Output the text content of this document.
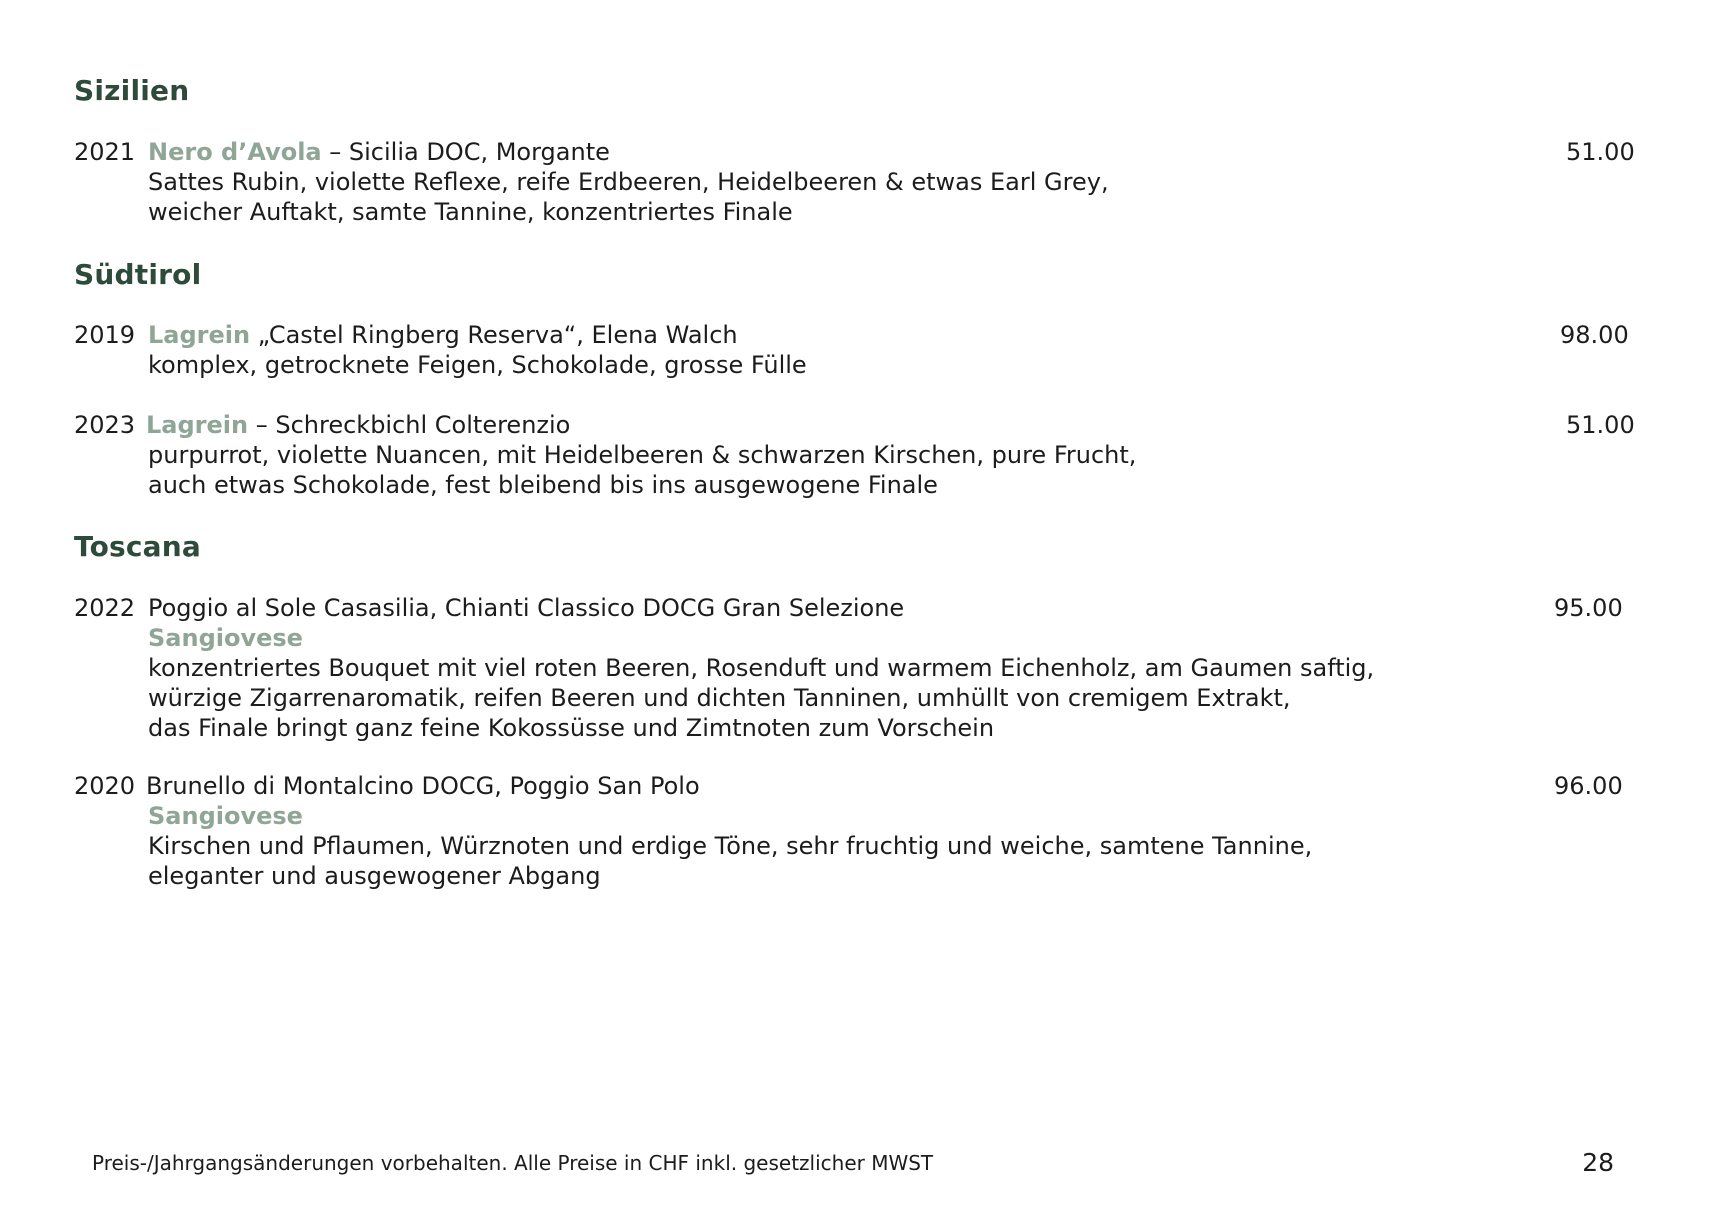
Sizilien
2021 Nero d’Avola – Sicilia DOC, Morgante	51.00
Sattes Rubin, violette Reflexe, reife Erdbeeren, Heidelbeeren & etwas Earl Grey,
weicher Auftakt, samte Tannine, konzentriertes Finale
Südtirol
2019 Lagrein „Castel Ringberg Reserva“, Elena Walch	98.00
komplex, getrocknete Feigen, Schokolade, grosse Fülle
2023 Lagrein – Schreckbichl Colterenzio	51.00
purpurrot, violette Nuancen, mit Heidelbeeren & schwarzen Kirschen, pure Frucht,
auch etwas Schokolade, fest bleibend bis ins ausgewogene Finale
Toscana
2022 Poggio al Sole Casasilia, Chianti Classico DOCG Gran Selezione	95.00
Sangiovese
konzentriertes Bouquet mit viel roten Beeren, Rosenduft und warmem Eichenholz, am Gaumen saftig,
würzige Zigarrenaromatik, reifen Beeren und dichten Tanninen, umhüllt von cremigem Extrakt,
das Finale bringt ganz feine Kokossüsse und Zimtnoten zum Vorschein
2020 Brunello di Montalcino DOCG, Poggio San Polo	96.00
Sangiovese
Kirschen und Pflaumen, Würznoten und erdige Töne, sehr fruchtig und weiche, samtene Tannine,
eleganter und ausgewogener Abgang
Preis-/Jahrgangsänderungen vorbehalten. Alle Preise in CHF inkl. gesetzlicher MWST	28
